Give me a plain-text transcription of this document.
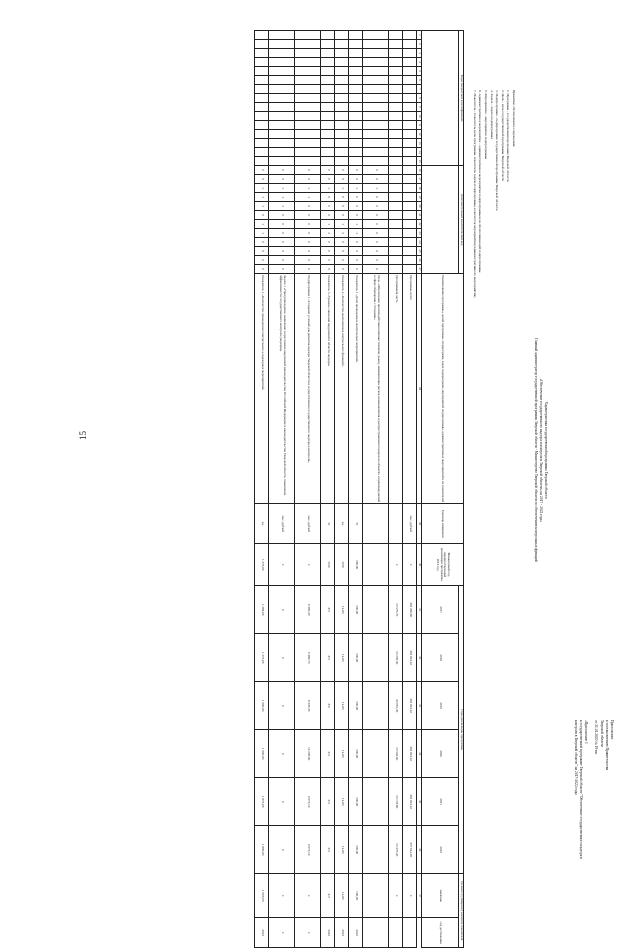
15
Приложение
к постановлению Правительства
Тверской области
от 21.01.2020 № 19-пп

«Приложение 1
к государственной программе Тверской области "Обеспечение государственного надзора и
контроля в Тверской области" на 2017-2022 годы
Характеристика государственной программы Тверской области
«Обеспечение государственного надзора и контроля в Тверской области» на 2017 - 2022 годы
Главный администратор государственной программы Тверской области - Министерство Тверской области по обеспечению контрольных функций
Принятые обозначения и сокращения:
1. Программа - государственная программа Тверской области
2. Цель - цель государственной программы Тверской области
3. Подпрограмма - подпрограмма государственной программы Тверской области
4. Задача - задача подпрограммы
5. Мероприятие - мероприятие подпрограммы
6. Административное мероприятие - административное мероприятие подпрограммы или обеспечивающей подпрограммы
7. Показатель - показатель цели программы, показатель задачи подпрограммы, показатель мероприятия (административного мероприятия)
Коды бюджетной классификации															Дополнительный аналитический код												Наименование программы, целей программы, подпрограмм, задач подпрограмм, мероприятий подпрограммы, административных мероприятий и их показателей	Единица измерения	Финансовый год, предшествующий реализации программы, 2016 год	Годы реализации программы						Целевое (суммарное) значение показателя	
																														2017	2018	2019	2020	2021	2022	значение	год достижения
1	2	3	4	5	6	7	8	9	10	11	12	13	14	15	16	17	18	19	20	21	22	23	24	25	26	27	28	29	30	31	32	33	34	35	36	37	
																											Программа, всего	тыс. рублей	х	263 260,60	263 094,10	263 094,10	263 094,10	263 094,10	257 942,20	х	
																											Программная часть		х	13 579,70	13 205,30	20 961,30	13 503,00	13 178,80	13 379,20	х	
															0	0	1	0	0	0	0	0	0	0	0	0	Цель «Обеспечение противодействия влиянию теневому рынку, минимизации рисков возникновения и распространения пожаров на объектах и правонарушений в сфере обращения с отходами»										
															0	0	1	0	0	0	1	1	0	0	0	0	Показатель 1 «Доля проведенных контрольных мероприятий»	%	100,00	100,00	100,00	100,00	100,00	100,00	100,00	100,00	2022
															0	0	1	0	0	0	1	2	0	0	0	0	Показатель 2 «Количество выполненных контрольных функций»	ед.	9,00	14,00	14,00	14,00	14,00	14,00	14,00	14,00	2022
															0	0	1	0	0	0	1	3	0	0	0	0	Показатель 3 «Уровень снижения нарушений в области надзора»	%	9,00	8,5	8,5	8,0	6,5	6,5	6,5	6,5	2022
															0	0	1	1	0	0	0	0	0	0	0	0	Подпрограмма 1 «Создание условий для развития надзора Тверской области в осуществлении государственного надзора и контроля»	тыс. рублей	х	6 382,20	9 489,70	8 329,30	12 209,00	9 675,10	9 675,10	х	х
															0	0	1	1	1	0	0	0	0	0	0	0	Задача 1 «Предупреждение, выявление и пресечение нарушений законодательства Российской Федерации и законодательства Тверской области, повышение эффективности государственного контроля (надзора)»	тыс. рублей	х	0	0	0	0	0	0	х	х
															0	0	1	1	1	0	1	1	0	0	0	0	Показатель 1 «Количество проведенных контрольных и надзорных мероприятий»	ед.	1 275,00	1 266,00	1 275,00	1 900,00	1 900,00	1 875,00	1 890,00	1 905,00	2022
